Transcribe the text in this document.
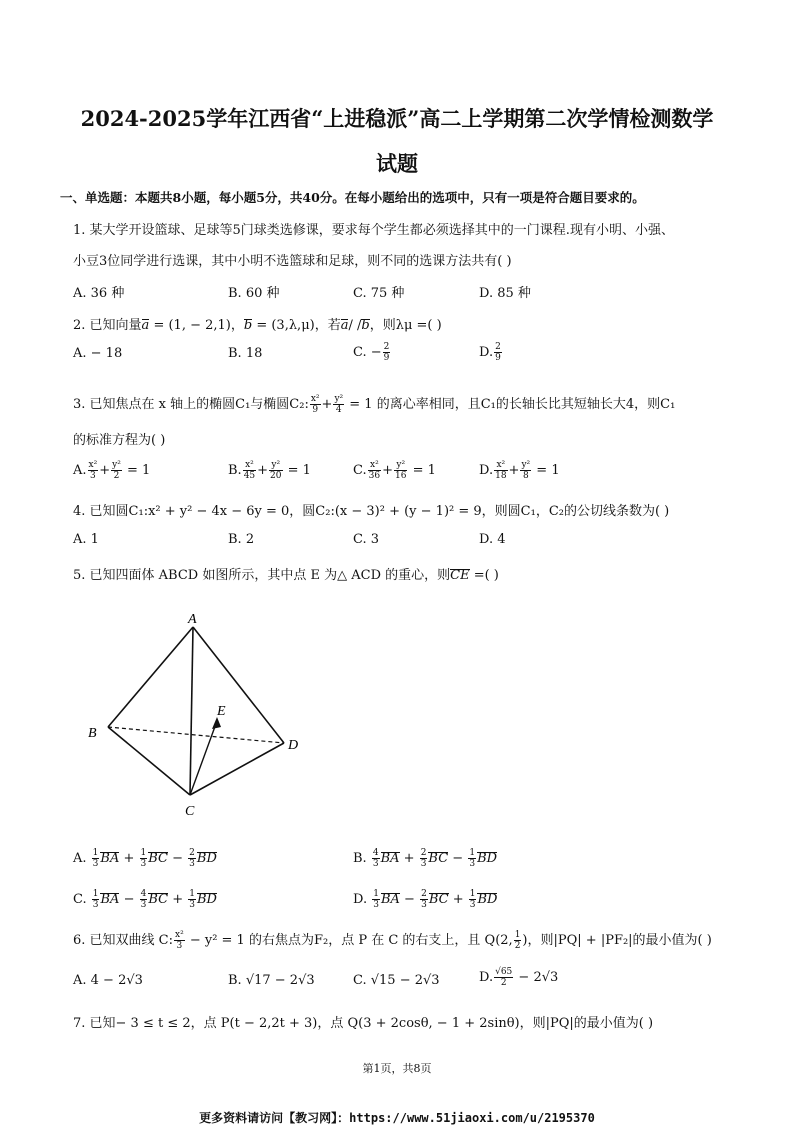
2024-2025学年江西省“上进稳派”高二上学期第二次学情检测数学
试题
一、单选题：本题共8小题，每小题5分，共40分。在每小题给出的选项中，只有一项是符合题目要求的。
1. 某大学开设篮球、足球等5门球类选修课，要求每个学生都必须选择其中的一门课程.现有小明、小强、
小豆3位同学进行选课，其中小明不选篮球和足球，则不同的选课方法共有( )
A. 36 种	B. 60 种	C. 75 种	D. 85 种
2. 已知向量a = (1, − 2,1)，b = (3,λ,μ)，若a/ /b，则λμ =( )
A. − 18	B. 18	C. − $\frac{2}{9}$	D. $\frac{2}{9}$
3. 已知焦点在 x 轴上的椭圆C₁与椭圆C₂: $\frac{\text{x²}}{9} + \frac{\text{y²}}{4} = 1$ 的离心率相同，且C₁的长轴长比其短轴长大4，则C₁
的标准方程为( )
A. $\frac{\text{x²}}{3} + \frac{\text{y²}}{2} = 1$	B. $\frac{\text{x²}}{45} + \frac{\text{y²}}{20} = 1$	C. $\frac{\text{x²}}{36} + \frac{\text{y²}}{16} = 1$	D. $\frac{\text{x²}}{18} + \frac{\text{y²}}{8} = 1$
4. 已知圆C₁:x² + y² − 4x − 6y = 0，圆C₂:(x − 3)² + (y − 1)² = 9，则圆C₁，C₂的公切线条数为( )
A. 1	B. 2	C. 3	D. 4
5. 已知四面体 ABCD 如图所示，其中点 E 为△ ACD 的重心，则CE =( )
A
B
C
D
E
A. $\frac{1}{3}$ BA + $\frac{1}{3}$ BC − $\frac{2}{3}$ BD	B. $\frac{4}{3}$ BA + $\frac{2}{3}$ BC − $\frac{1}{3}$ BD
C. $\frac{1}{3}$ BA − $\frac{4}{3}$ BC + $\frac{1}{3}$ BD	D. $\frac{1}{3}$ BA − $\frac{2}{3}$ BC + $\frac{1}{3}$ BD
6. 已知双曲线 C: $\frac{\text{x²}}{3} - y^2 = 1$ 的右焦点为F₂，点 P 在 C 的右支上，且 Q(2, $\frac{1}{2}$ )，则|PQ| + |PF₂|的最小值为( )
A. 4 − 2√3	B. √17 − 2√3	C. √15 − 2√3	D. $\frac{√65}{2} - 2√3$
7. 已知− 3 ≤ t ≤ 2，点 P(t − 2,2t + 3)，点 Q(3 + 2cosθ, − 1 + 2sinθ)，则|PQ|的最小值为( )
第1页，共8页
更多资料请访问【教习网】：https://www.51jiaoxi.com/u/2195370
